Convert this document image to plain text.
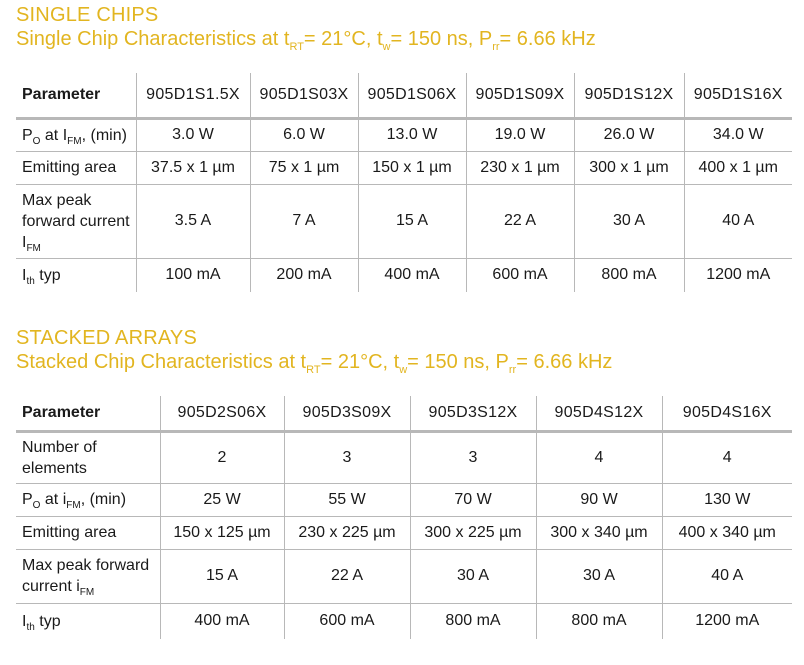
SINGLE CHIPS
Single Chip Characteristics at $t_{RT}= 21^\circ C$, $t_w= 150$ ns, $P_{rr}= 6.66$ kHz
Parameter	905D1S1.5X	905D1S03X	905D1S06X	905D1S09X	905D1S12X	905D1S16X
$P_O$ at $I_{FM}$, (min)	3.0 W	6.0 W	13.0 W	19.0 W	26.0 W	34.0 W
Emitting area	37.5 x 1 µm	75 x 1 µm	150 x 1 µm	230 x 1 µm	300 x 1 µm	400 x 1 µm
Max peak
forward current
$I_{FM}$	3.5 A	7 A	15 A	22 A	30 A	40 A
$I_{th}$ typ	100 mA	200 mA	400 mA	600 mA	800 mA	1200 mA
STACKED ARRAYS
Stacked Chip Characteristics at $t_{RT}= 21^\circ C$, $t_w= 150$ ns, $P_{rr}= 6.66$ kHz
Parameter	905D2S06X	905D3S09X	905D3S12X	905D4S12X	905D4S16X
Number of
elements	2	3	3	4	4
$P_O$ at $i_{FM}$, (min)	25 W	55 W	70 W	90 W	130 W
Emitting area	150 x 125 µm	230 x 225 µm	300 x 225 µm	300 x 340 µm	400 x 340 µm
Max peak forward
current $i_{FM}$	15 A	22 A	30 A	30 A	40 A
$I_{th}$ typ	400 mA	600 mA	800 mA	800 mA	1200 mA
